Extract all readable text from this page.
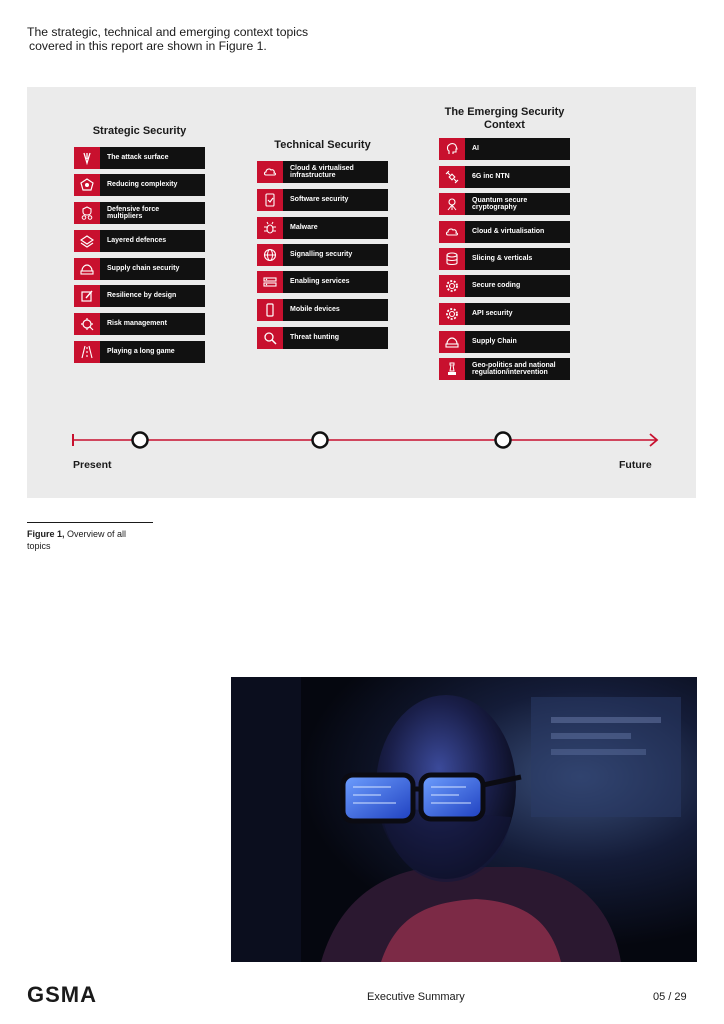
The strategic, technical and emerging context topics
covered in this report are shown in Figure 1.
Strategic Security
The attack surface
Reducing complexity
Defensive force
multipliers
Layered defences
Supply chain security
Resilience by design
Risk management
Playing a long game
Technical Security
Cloud & virtualised
infrastructure
Software security
Malware
Signalling security
Enabling services
Mobile devices
Threat hunting
The Emerging Security
Context
AI
6G inc NTN
Quantum secure
cryptography
Cloud & virtualisation
Slicing & verticals
Secure coding
API security
Supply Chain
Geo-politics and national
regulation/intervention
Present	Future
Figure 1, Overview of all
topics
GSMA	Executive Summary	05 / 29
